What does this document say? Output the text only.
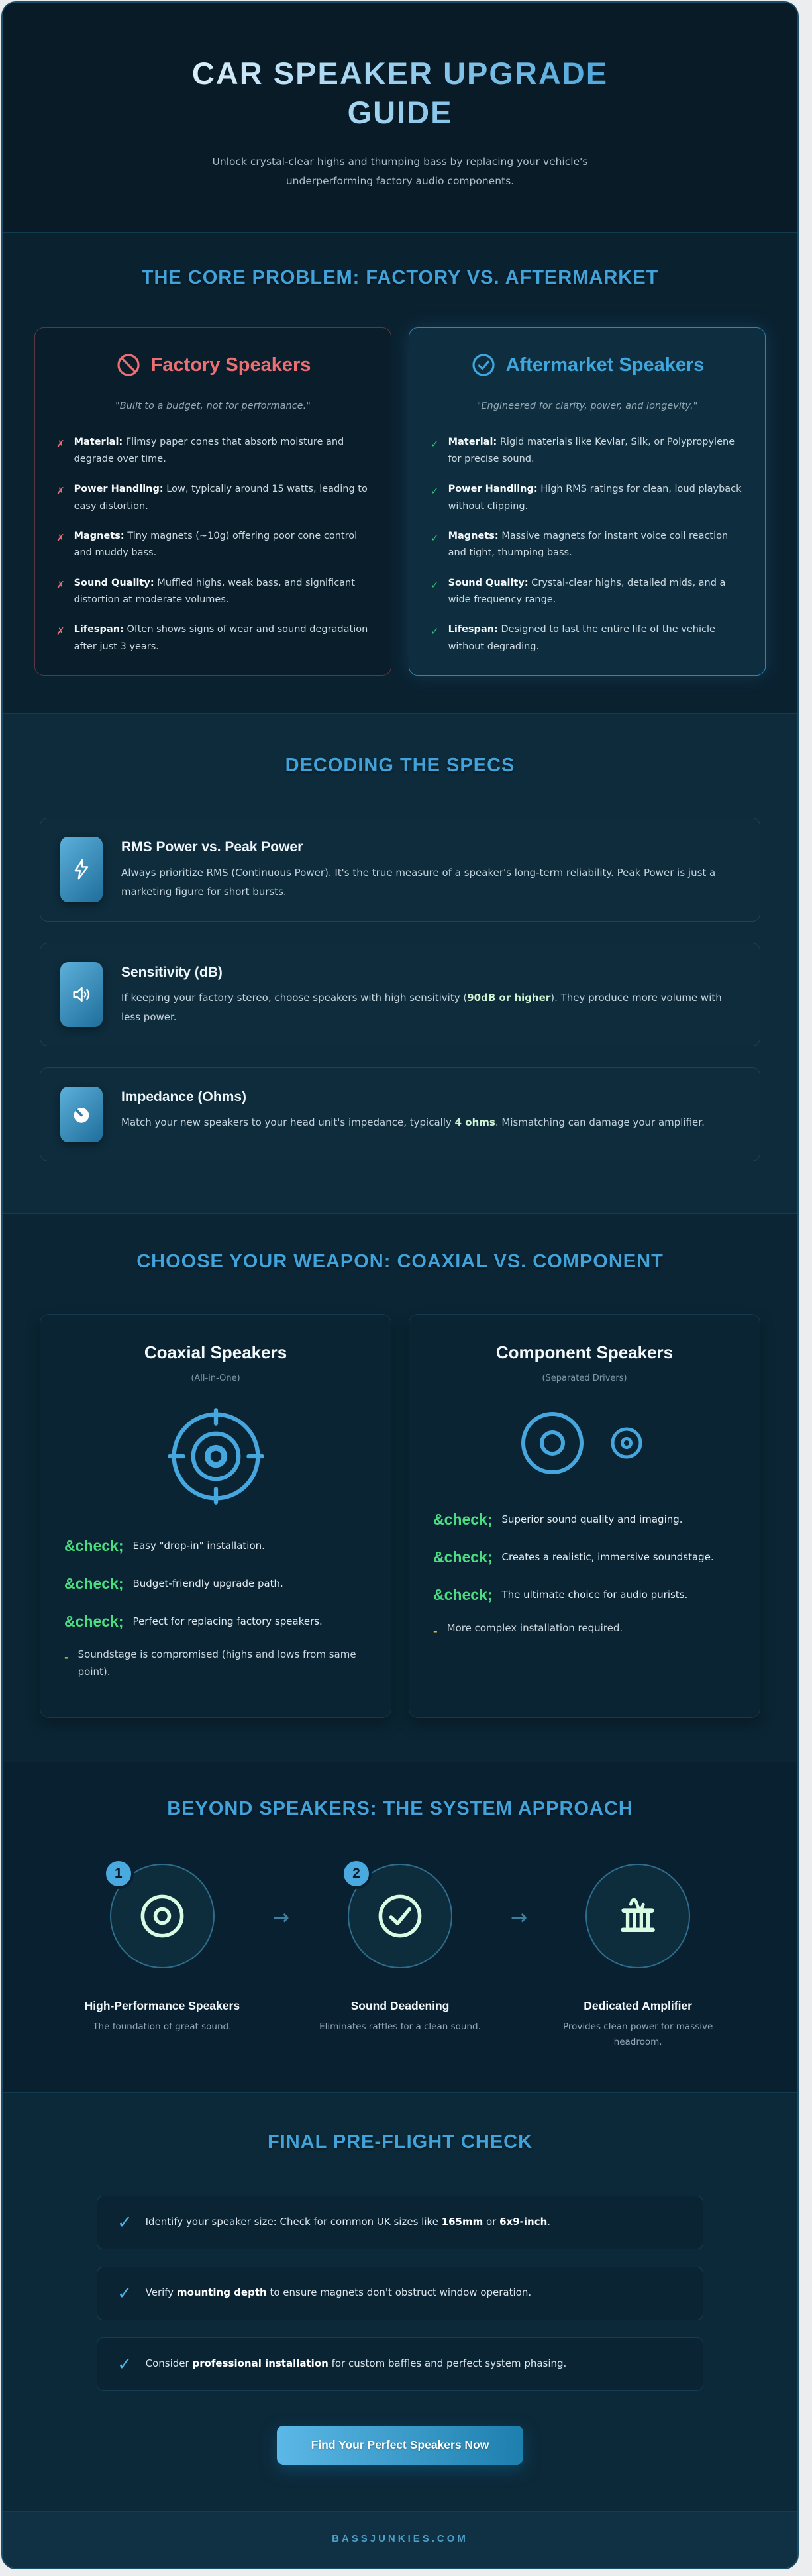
CAR SPEAKER UPGRADE GUIDE

Unlock crystal-clear highs and thumping bass by replacing your vehicle's underperforming factory audio components.

THE CORE PROBLEM: FACTORY VS. AFTERMARKET
Factory Speakers

"Built to a budget, not for performance."

✗ Material: Flimsy paper cones that absorb moisture and degrade over time.

✗ Power Handling: Low, typically around 15 watts, leading to easy distortion.

✗ Magnets: Tiny magnets (~10g) offering poor cone control and muddy bass.

✗ Sound Quality: Muffled highs, weak bass, and significant distortion at moderate volumes.

✗ Lifespan: Often shows signs of wear and sound degradation after just 3 years.

Aftermarket Speakers

"Engineered for clarity, power, and longevity."

✓ Material: Rigid materials like Kevlar, Silk, or Polypropylene for precise sound.

✓ Power Handling: High RMS ratings for clean, loud playback without clipping.

✓ Magnets: Massive magnets for instant voice coil reaction and tight, thumping bass.

✓ Sound Quality: Crystal-clear highs, detailed mids, and a wide frequency range.

✓ Lifespan: Designed to last the entire life of the vehicle without degrading.

DECODING THE SPECS
RMS Power vs. Peak Power

Always prioritize RMS (Continuous Power). It's the true measure of a speaker's long-term reliability. Peak Power is just a marketing figure for short bursts.

Sensitivity (dB)

If keeping your factory stereo, choose speakers with high sensitivity (90dB or higher). They produce more volume with less power.

Impedance (Ohms)

Match your new speakers to your head unit's impedance, typically 4 ohms. Mismatching can damage your amplifier.

CHOOSE YOUR WEAPON: COAXIAL VS. COMPONENT
Coaxial Speakers

(All-in-One)

&check; Easy "drop-in" installation.
&check; Budget-friendly upgrade path.
&check; Perfect for replacing factory speakers.
- Soundstage is compromised (highs and lows from same point).
Component Speakers

(Separated Drivers)

&check; Superior sound quality and imaging.
&check; Creates a realistic, immersive soundstage.
&check; The ultimate choice for audio purists.
- More complex installation required.
BEYOND SPEAKERS: THE SYSTEM APPROACH
1
High-Performance Speakers

The foundation of great sound.

→
2
Sound Deadening

Eliminates rattles for a clean sound.

→
Dedicated Amplifier

Provides clean power for massive headroom.

FINAL PRE-FLIGHT CHECK
✓ Identify your speaker size: Check for common UK sizes like 165mm or 6x9-inch.

✓ Verify mounting depth to ensure magnets don't obstruct window operation.

✓ Consider professional installation for custom baffles and perfect system phasing.

Find Your Perfect Speakers Now

BASSJUNKIES.COM
